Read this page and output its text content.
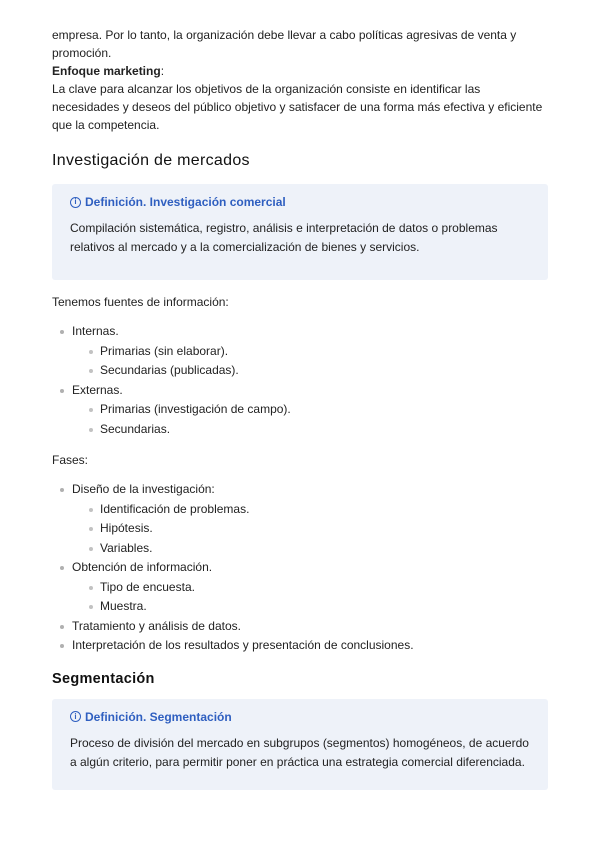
empresa. Por lo tanto, la organización debe llevar a cabo políticas agresivas de venta y promoción.

Enfoque marketing:

La clave para alcanzar los objetivos de la organización consiste en identificar las necesidades y deseos del público objetivo y satisfacer de una forma más efectiva y eficiente que la competencia.

Investigación de mercados
i Definición. Investigación comercial

Compilación sistemática, registro, análisis e interpretación de datos o problemas relativos al mercado y a la comercialización de bienes y servicios.

Tenemos fuentes de información:

Internas.
Primarias (sin elaborar).
Secundarias (publicadas).
Externas.
Primarias (investigación de campo).
Secundarias.

Fases:

Diseño de la investigación:
Identificación de problemas.
Hipótesis.
Variables.
Obtención de información.
Tipo de encuesta.
Muestra.
Tratamiento y análisis de datos.
Interpretación de los resultados y presentación de conclusiones.
Segmentación
i Definición. Segmentación

Proceso de división del mercado en subgrupos (segmentos) homogéneos, de acuerdo a algún criterio, para permitir poner en práctica una estrategia comercial diferenciada.
